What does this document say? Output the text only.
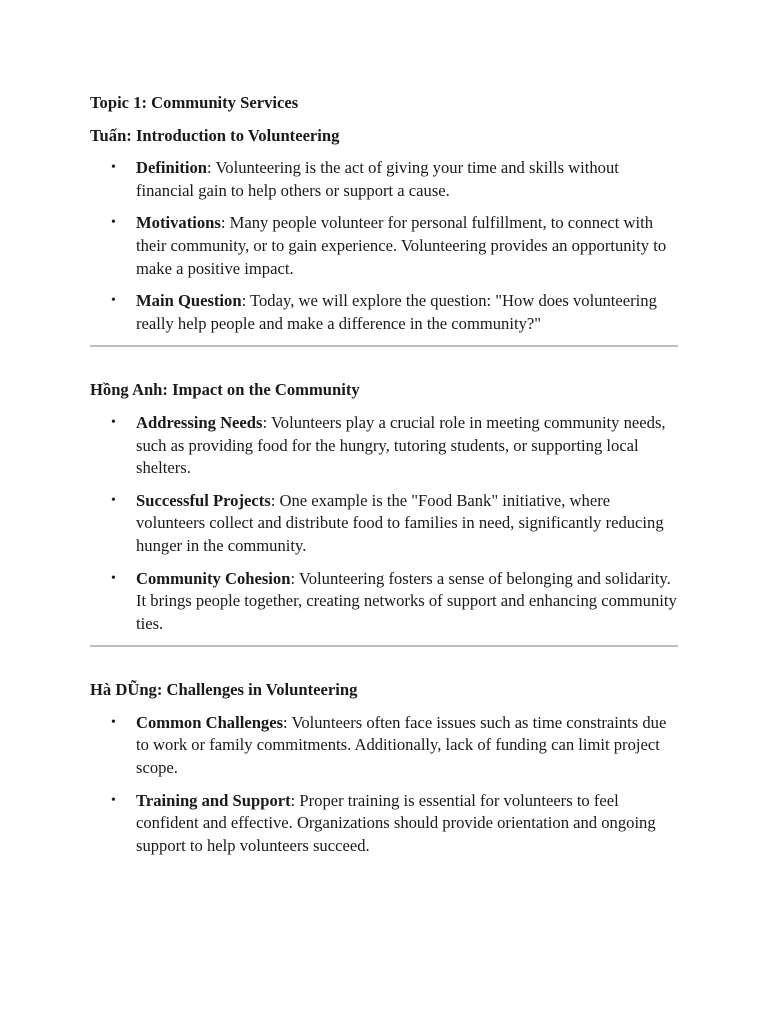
Topic 1: Community Services
Tuấn: Introduction to Volunteering
• Definition: Volunteering is the act of giving your time and skills without financial gain to help others or support a cause.
• Motivations: Many people volunteer for personal fulfillment, to connect with their community, or to gain experience. Volunteering provides an opportunity to make a positive impact.
• Main Question: Today, we will explore the question: "How does volunteering really help people and make a difference in the community?"
Hồng Anh: Impact on the Community
• Addressing Needs: Volunteers play a crucial role in meeting community needs, such as providing food for the hungry, tutoring students, or supporting local shelters.
• Successful Projects: One example is the "Food Bank" initiative, where volunteers collect and distribute food to families in need, significantly reducing hunger in the community.
• Community Cohesion: Volunteering fosters a sense of belonging and solidarity. It brings people together, creating networks of support and enhancing community ties.
Hà DŨng: Challenges in Volunteering
• Common Challenges: Volunteers often face issues such as time constraints due to work or family commitments. Additionally, lack of funding can limit project scope.
• Training and Support: Proper training is essential for volunteers to feel confident and effective. Organizations should provide orientation and ongoing support to help volunteers succeed.
